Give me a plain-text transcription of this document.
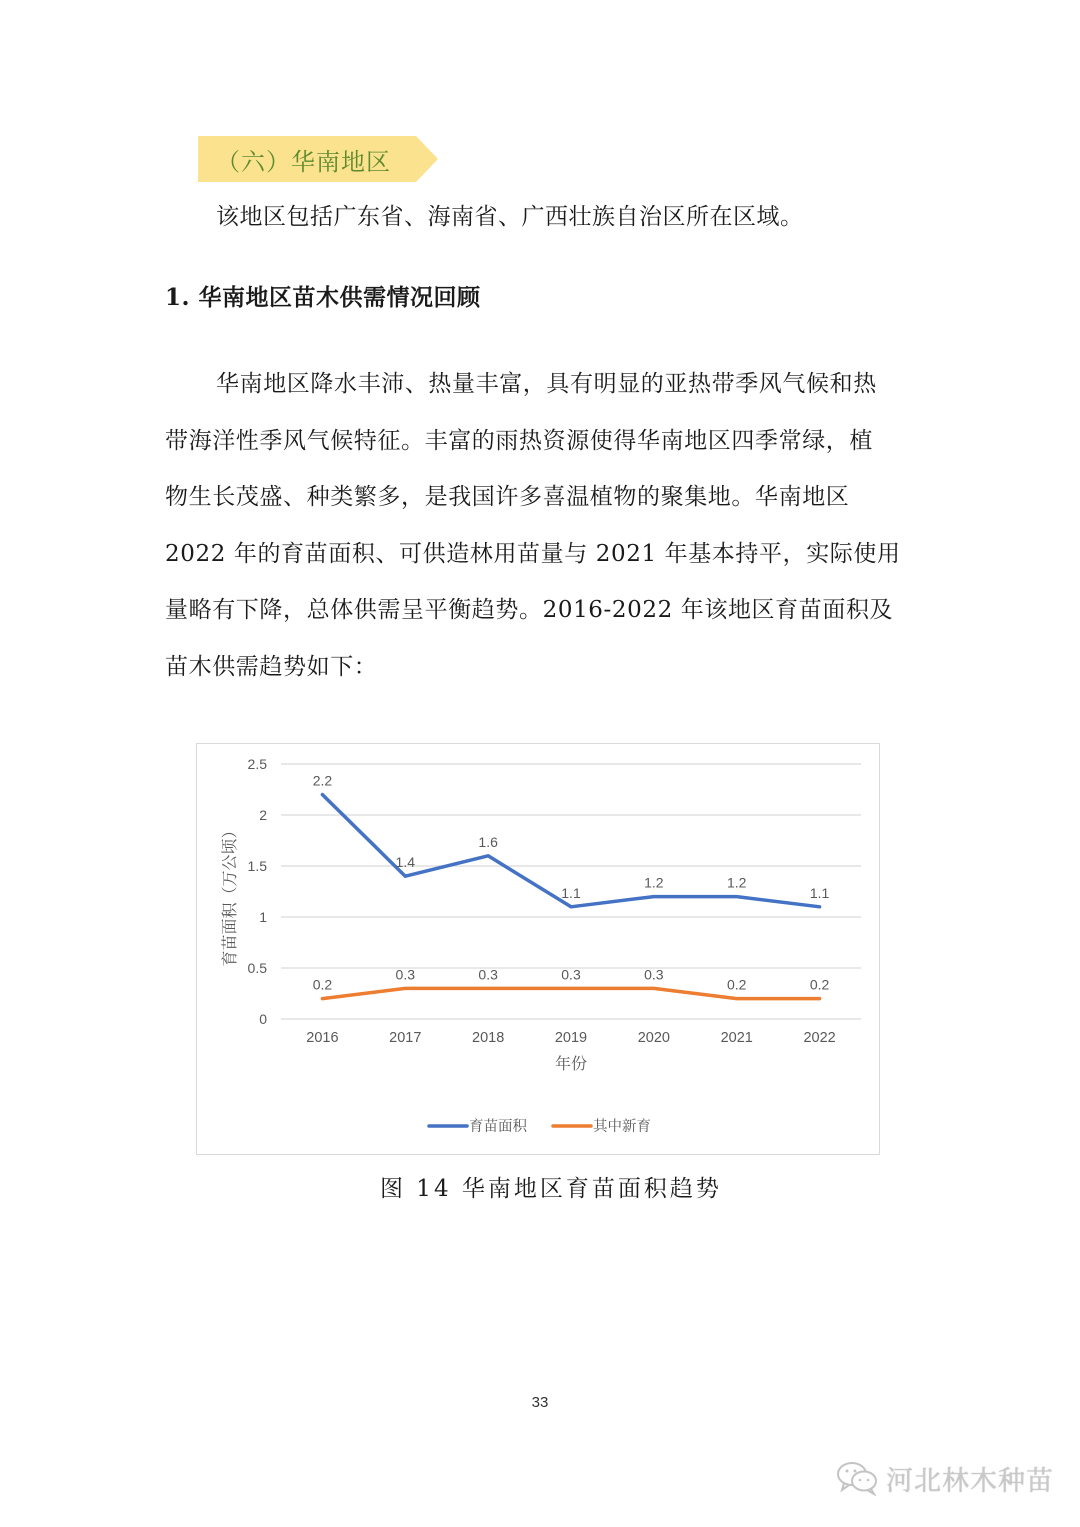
（六）华南地区
该地区包括广东省、海南省、广西壮族自治区所在区域。
1. 华南地区苗木供需情况回顾
华南地区降水丰沛、热量丰富，具有明显的亚热带季风气候和热
带海洋性季风气候特征。丰富的雨热资源使得华南地区四季常绿，植
物生长茂盛、种类繁多，是我国许多喜温植物的聚集地。华南地区
2022 年的育苗面积、可供造林用苗量与 2021 年基本持平，实际使用
量略有下降，总体供需呈平衡趋势。2016-2022 年该地区育苗面积及
苗木供需趋势如下：
0
0.5
1
1.5
2
2.5
2016	2017	2018	2019	2020	2021	2022
年份
育苗面积（万公顷）
2.2
1.4
1.6
1.1
1.2	1.2
1.1
0.2
0.3	0.3	0.3	0.3
0.2	0.2
育苗面积	其中新育
图 14 华南地区育苗面积趋势
33
河北林木种苗
